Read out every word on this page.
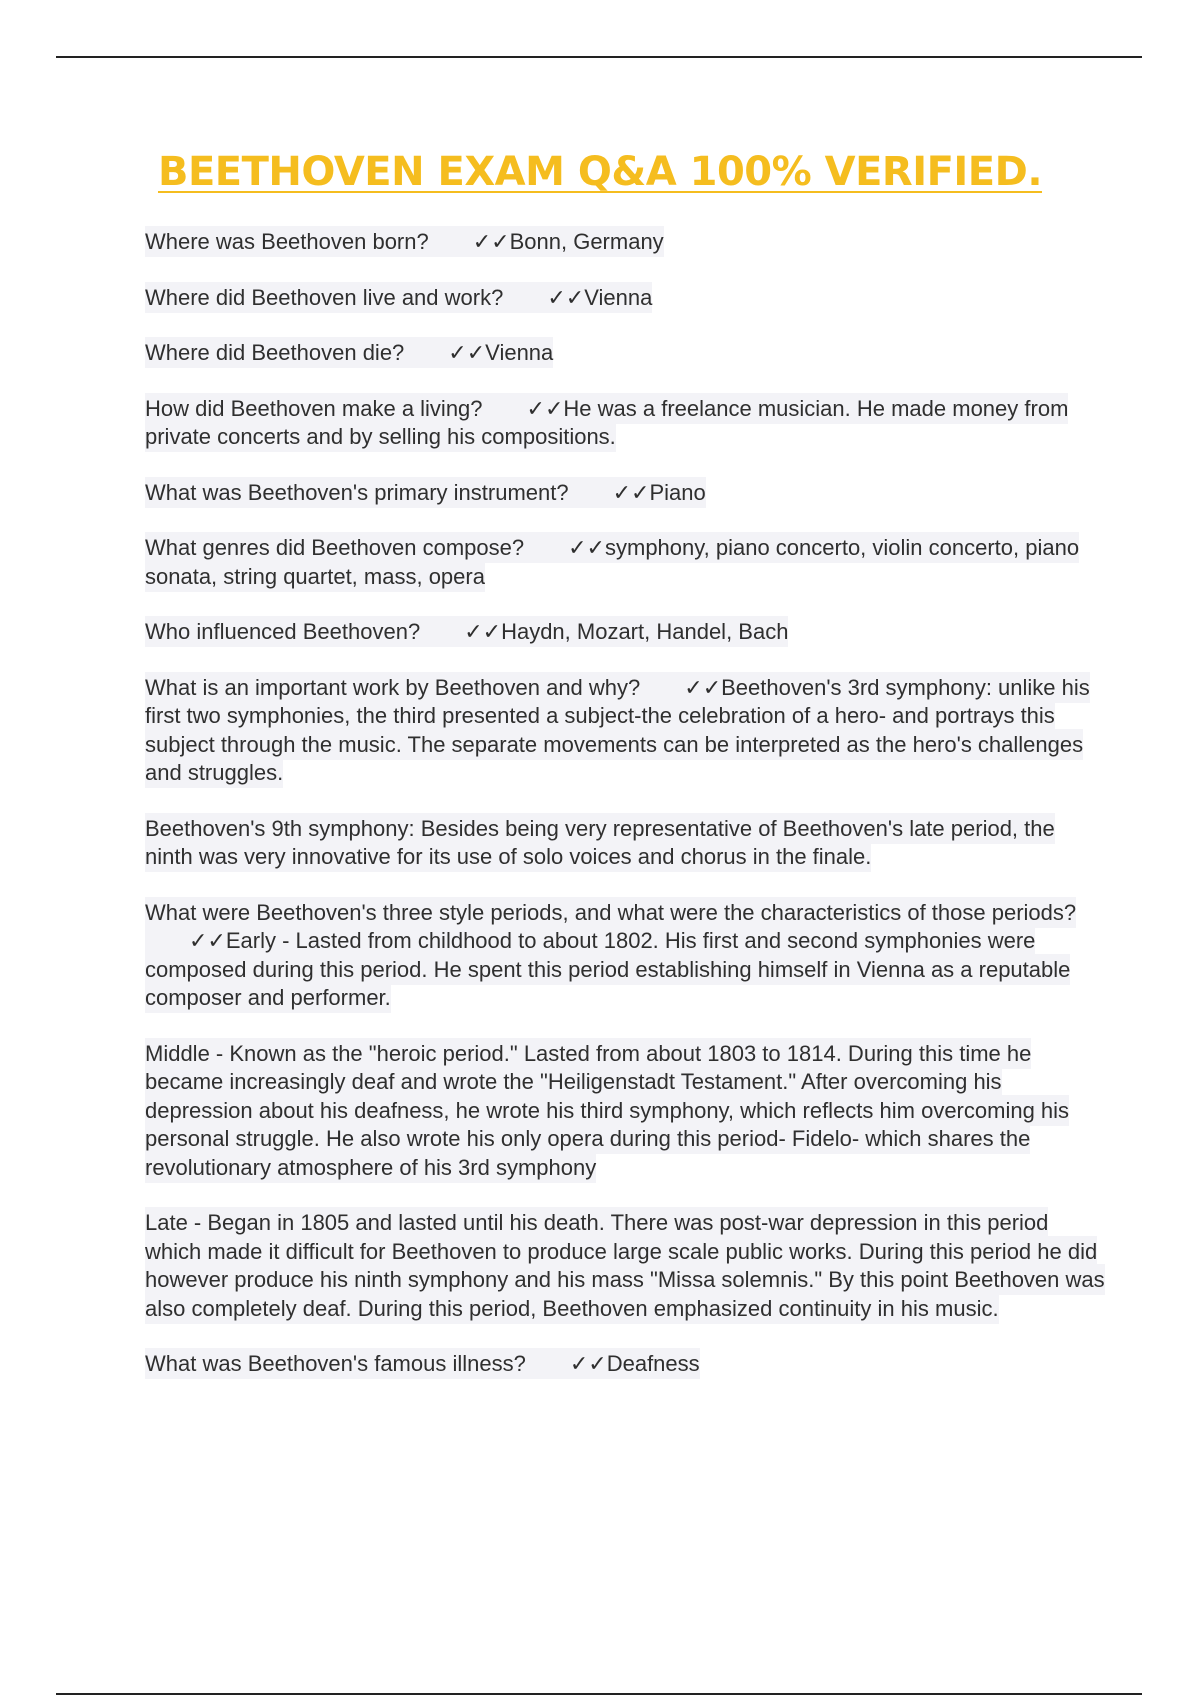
BEETHOVEN EXAM Q&A 100% VERIFIED.

Where was Beethoven born? ✓✓Bonn, Germany

Where did Beethoven live and work? ✓✓Vienna

Where did Beethoven die? ✓✓Vienna

How did Beethoven make a living? ✓✓He was a freelance musician. He made money from private concerts and by selling his compositions.

What was Beethoven's primary instrument? ✓✓Piano

What genres did Beethoven compose? ✓✓symphony, piano concerto, violin concerto, piano sonata, string quartet, mass, opera

Who influenced Beethoven? ✓✓Haydn, Mozart, Handel, Bach

What is an important work by Beethoven and why? ✓✓Beethoven's 3rd symphony: unlike his first two symphonies, the third presented a subject-the celebration of a hero- and portrays this subject through the music. The separate movements can be interpreted as the hero's challenges and struggles.

Beethoven's 9th symphony: Besides being very representative of Beethoven's late period, the ninth was very innovative for its use of solo voices and chorus in the finale.

What were Beethoven's three style periods, and what were the characteristics of those periods?✓✓Early - Lasted from childhood to about 1802. His first and second symphonies were composed during this period. He spent this period establishing himself in Vienna as a reputable composer and performer.

Middle - Known as the "heroic period." Lasted from about 1803 to 1814. During this time he became increasingly deaf and wrote the "Heiligenstadt Testament." After overcoming his depression about his deafness, he wrote his third symphony, which reflects him overcoming his personal struggle. He also wrote his only opera during this period- Fidelo- which shares the revolutionary atmosphere of his 3rd symphony

Late - Began in 1805 and lasted until his death. There was post-war depression in this period which made it difficult for Beethoven to produce large scale public works. During this period he did however produce his ninth symphony and his mass "Missa solemnis." By this point Beethoven was also completely deaf. During this period, Beethoven emphasized continuity in his music.

What was Beethoven's famous illness? ✓✓Deafness
